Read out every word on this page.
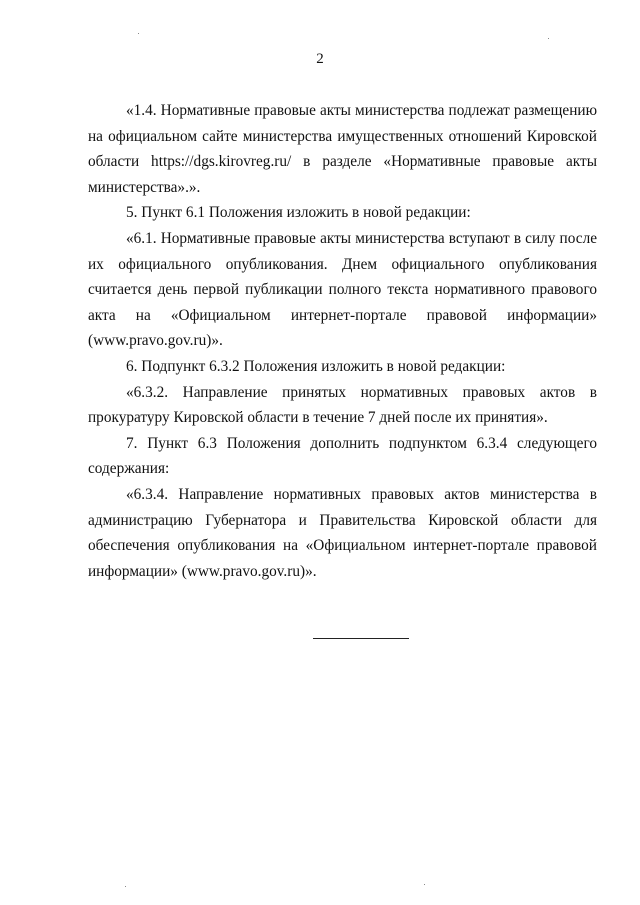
2

«1.4. Нормативные правовые акты министерства подлежат размещению на официальном сайте министерства имущественных отношений Кировской области https://dgs.kirovreg.ru/ в разделе «Нормативные правовые акты министерства».».

5. Пункт 6.1 Положения изложить в новой редакции:

«6.1. Нормативные правовые акты министерства вступают в силу после их официального опубликования. Днем официального опубликования считается день первой публикации полного текста нормативного правового акта на «Официальном интернет-портале правовой информации» (www.pravo.gov.ru)».

6. Подпункт 6.3.2 Положения изложить в новой редакции:

«6.3.2. Направление принятых нормативных правовых актов в прокуратуру Кировской области в течение 7 дней после их принятия».

7. Пункт 6.3 Положения дополнить подпунктом 6.3.4 следующего содержания:

«6.3.4. Направление нормативных правовых актов министерства в администрацию Губернатора и Правительства Кировской области для обеспечения опубликования на «Официальном интернет-портале правовой информации» (www.pravo.gov.ru)».
